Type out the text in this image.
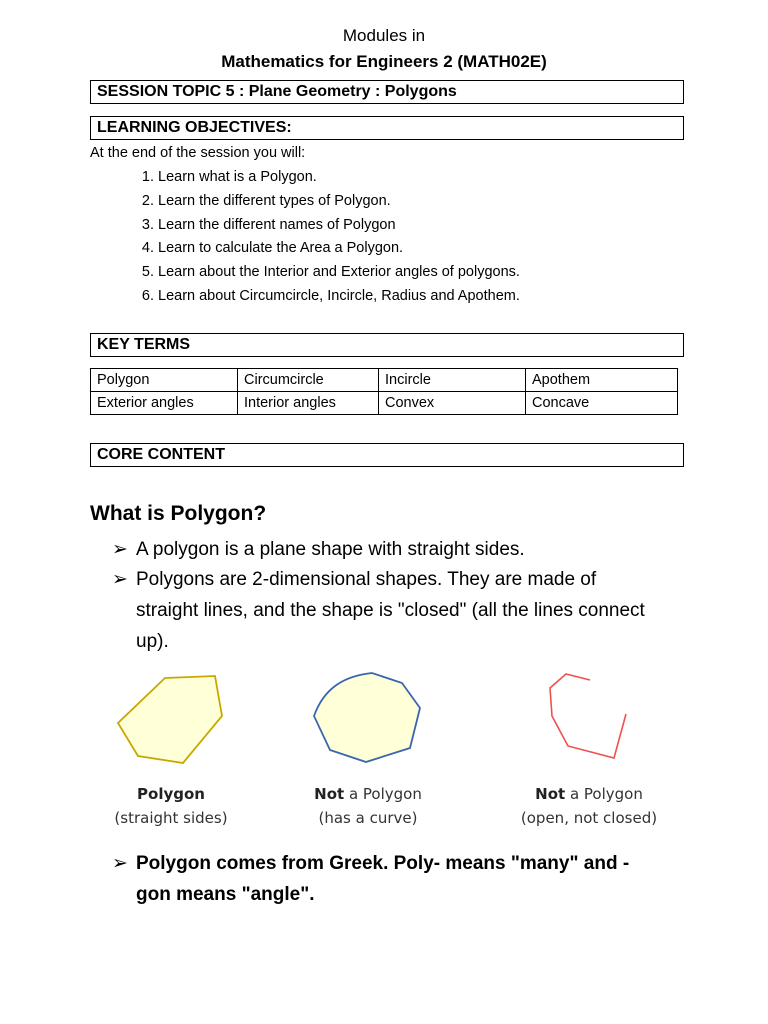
Modules in
Mathematics for Engineers 2 (MATH02E)
SESSION TOPIC 5 : Plane Geometry : Polygons
LEARNING OBJECTIVES:
At the end of the session you will:
1. Learn what is a Polygon.
2. Learn the different types of Polygon.
3. Learn the different names of Polygon
4. Learn to calculate the Area a Polygon.
5. Learn about the Interior and Exterior angles of polygons.
6. Learn about Circumcircle, Incircle, Radius and Apothem.
KEY TERMS
Polygon	Circumcircle	Incircle	Apothem
Exterior angles	Interior angles	Convex	Concave
CORE CONTENT
What is Polygon?
➢ A polygon is a plane shape with straight sides.
➢ Polygons are 2-dimensional shapes. They are made of straight lines, and the shape is "closed" (all the lines connect up).
Polygon
(straight sides)
Not a Polygon
(has a curve)
Not a Polygon
(open, not closed)
➢ Polygon comes from Greek. Poly- means "many" and -gon means "angle".
